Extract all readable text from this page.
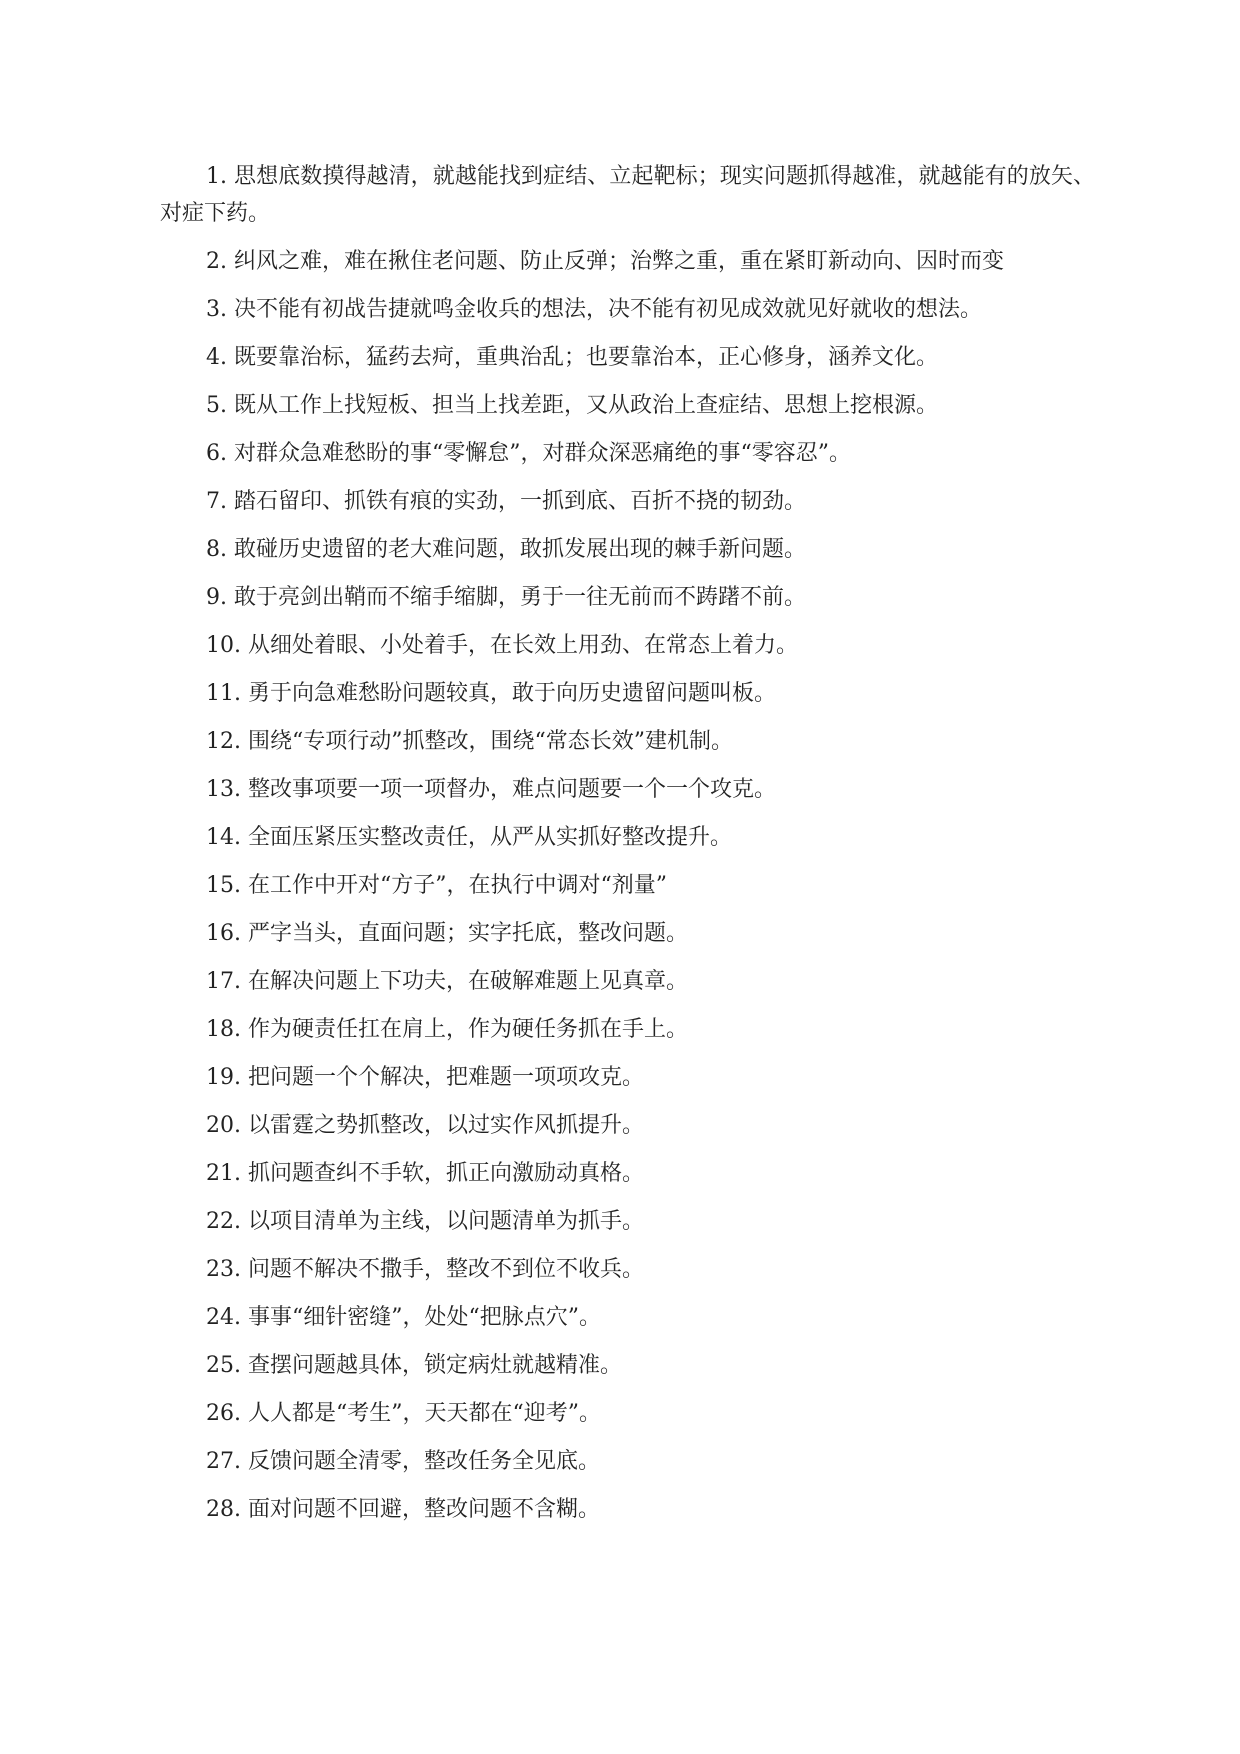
1. 思想底数摸得越清，就越能找到症结、立起靶标；现实问题抓得越准，就越能有的放矢、对症下药。

2. 纠风之难，难在揪住老问题、防止反弹；治弊之重，重在紧盯新动向、因时而变

3. 决不能有初战告捷就鸣金收兵的想法，决不能有初见成效就见好就收的想法。

4. 既要靠治标，猛药去疴，重典治乱；也要靠治本，正心修身，涵养文化。

5. 既从工作上找短板、担当上找差距，又从政治上查症结、思想上挖根源。

6. 对群众急难愁盼的事“零懈怠”，对群众深恶痛绝的事“零容忍”。

7. 踏石留印、抓铁有痕的实劲，一抓到底、百折不挠的韧劲。

8. 敢碰历史遗留的老大难问题，敢抓发展出现的棘手新问题。

9. 敢于亮剑出鞘而不缩手缩脚，勇于一往无前而不踌躇不前。

10. 从细处着眼、小处着手，在长效上用劲、在常态上着力。

11. 勇于向急难愁盼问题较真，敢于向历史遗留问题叫板。

12. 围绕“专项行动”抓整改，围绕“常态长效”建机制。

13. 整改事项要一项一项督办，难点问题要一个一个攻克。

14. 全面压紧压实整改责任，从严从实抓好整改提升。

15. 在工作中开对“方子”，在执行中调对“剂量”

16. 严字当头，直面问题；实字托底，整改问题。

17. 在解决问题上下功夫，在破解难题上见真章。

18. 作为硬责任扛在肩上，作为硬任务抓在手上。

19. 把问题一个个解决，把难题一项项攻克。

20. 以雷霆之势抓整改，以过实作风抓提升。

21. 抓问题查纠不手软，抓正向激励动真格。

22. 以项目清单为主线，以问题清单为抓手。

23. 问题不解决不撒手，整改不到位不收兵。

24. 事事“细针密缝”，处处“把脉点穴”。

25. 查摆问题越具体，锁定病灶就越精准。

26. 人人都是“考生”，天天都在“迎考”。

27. 反馈问题全清零，整改任务全见底。

28. 面对问题不回避，整改问题不含糊。
